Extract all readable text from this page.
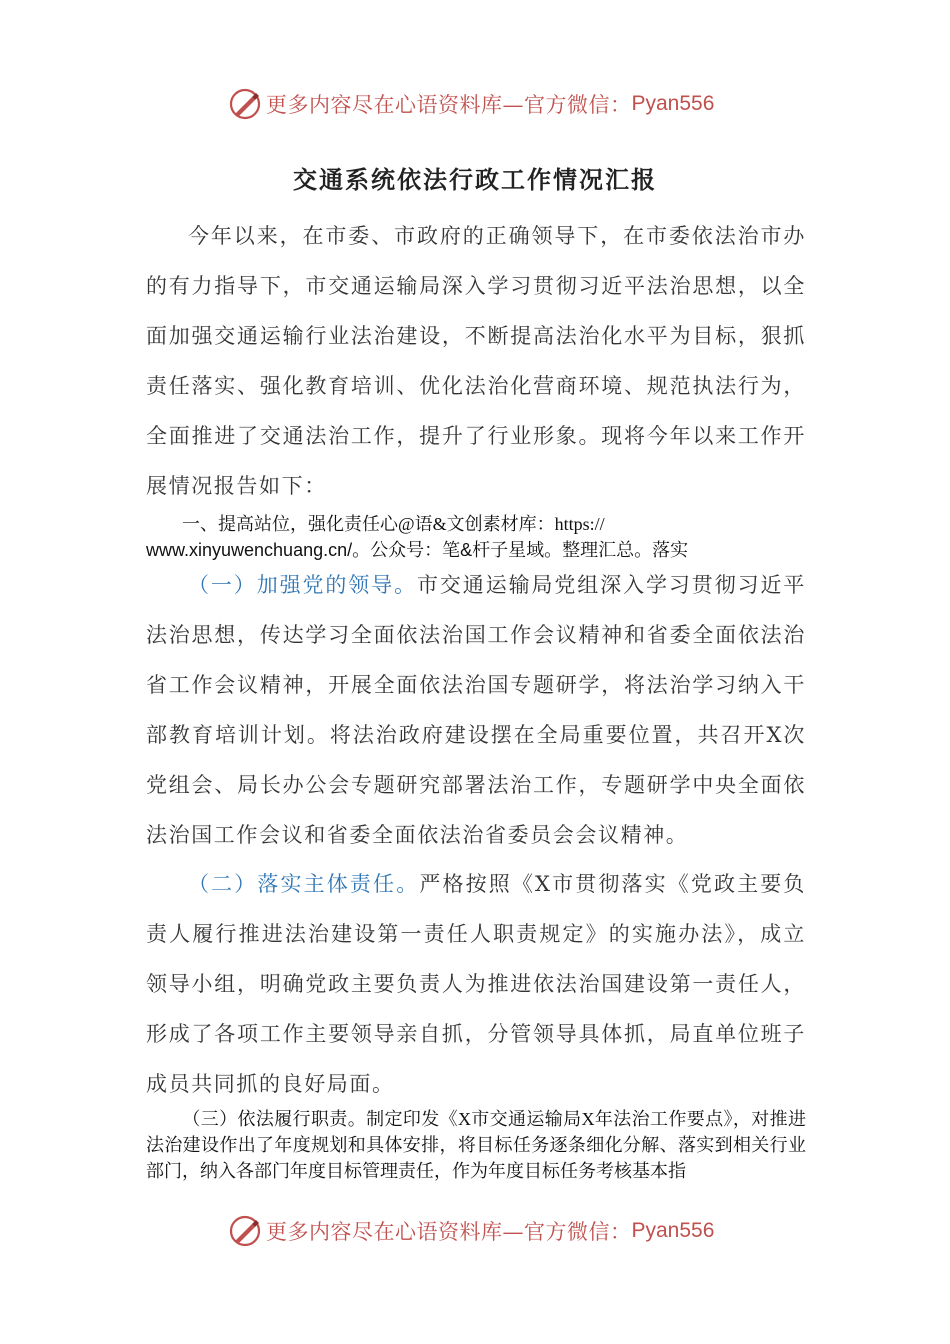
更多内容尽在心语资料库—官方微信： Pyan556
交通系统依法行政工作情况汇报

今年以来，在市委、市政府的正确领导下，在市委依法治市办的有力指导下，市交通运输局深入学习贯彻习近平法治思想，以全面加强交通运输行业法治建设，不断提高法治化水平为目标，狠抓责任落实、强化教育培训、优化法治化营商环境、规范执法行为，全面推进了交通法治工作，提升了行业形象。现将今年以来工作开展情况报告如下：

一、提高站位，强化责任心@语&文创素材库：https://
www.xinyuwenchuang.cn/。公众号：笔&杆子星域。整理汇总。落实

（一）加强党的领导。市交通运输局党组深入学习贯彻习近平法治思想，传达学习全面依法治国工作会议精神和省委全面依法治省工作会议精神，开展全面依法治国专题研学，将法治学习纳入干部教育培训计划。将法治政府建设摆在全局重要位置，共召开X次党组会、局长办公会专题研究部署法治工作，专题研学中央全面依法治国工作会议和省委全面依法治省委员会会议精神。

（二）落实主体责任。严格按照《X市贯彻落实《党政主要负责人履行推进法治建设第一责任人职责规定》的实施办法》，成立领导小组，明确党政主要负责人为推进依法治国建设第一责任人，形成了各项工作主要领导亲自抓，分管领导具体抓，局直单位班子成员共同抓的良好局面。

（三）依法履行职责。制定印发《X市交通运输局X年法治工作要点》，对推进法治建设作出了年度规划和具体安排，将目标任务逐条细化分解、落实到相关行业部门，纳入各部门年度目标管理责任，作为年度目标任务考核基本指

更多内容尽在心语资料库—官方微信： Pyan556
